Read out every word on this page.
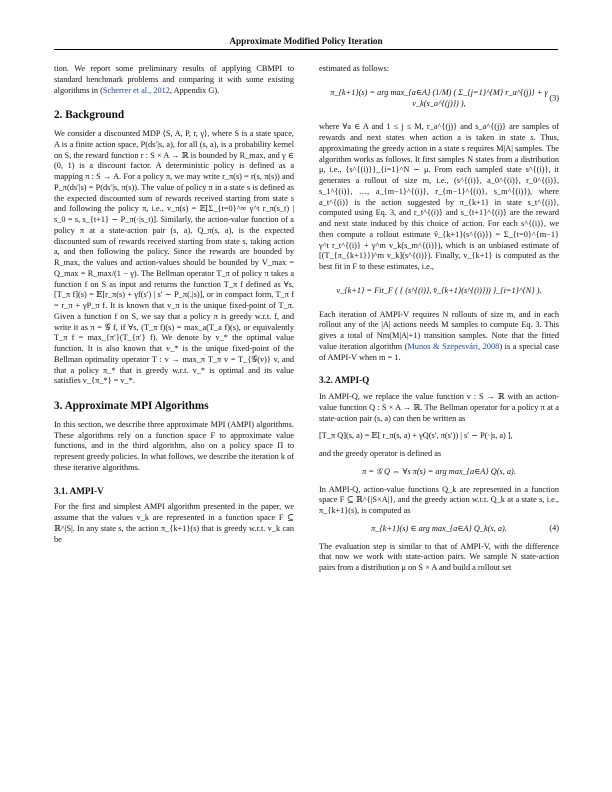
Approximate Modified Policy Iteration

tion. We report some preliminary results of applying CBMPI to standard benchmark problems and comparing it with some existing algorithms in (Scherrer et al., 2012, Appendix G).

2. Background

We consider a discounted MDP ⟨S, A, P, r, γ⟩, where S is a state space, A is a finite action space, P(ds′|s, a), for all (s, a), is a probability kernel on S, the reward function r : S × A → ℝ is bounded by R_max, and γ ∈ (0, 1) is a discount factor. A deterministic policy is defined as a mapping π : S → A. For a policy π, we may write r_π(s) = r(s, π(s)) and P_π(ds′|s) = P(ds′|s, π(s)). The value of policy π in a state s is defined as the expected discounted sum of rewards received starting from state s and following the policy π, i.e., v_π(s) = 𝔼[Σ_{t=0}^∞ γ^t r_π(s_t) | s_0 = s, s_{t+1} ∼ P_π(·|s_t)]. Similarly, the action-value function of a policy π at a state-action pair (s, a), Q_π(s, a), is the expected discounted sum of rewards received starting from state s, taking action a, and then following the policy. Since the rewards are bounded by R_max, the values and action-values should be bounded by V_max = Q_max = R_max/(1 − γ). The Bellman operator T_π of policy π takes a function f on S as input and returns the function T_π f defined as ∀s, [T_π f](s) = 𝔼[r_π(s) + γf(s′) | s′ ∼ P_π(.|s)], or in compact form, T_π f = r_π + γP_π f. It is known that v_π is the unique fixed-point of T_π. Given a function f on S, we say that a policy π is greedy w.r.t. f, and write it as π = 𝒢 f, if ∀s, (T_π f)(s) = max_a(T_a f)(s), or equivalently T_π f = max_{π′}(T_{π′} f). We denote by v_* the optimal value function. It is also known that v_* is the unique fixed-point of the Bellman optimality operator T : v → max_π T_π v = T_{𝒢(v)} v, and that a policy π_* that is greedy w.r.t. v_* is optimal and its value satisfies v_{π_*} = v_*.

3. Approximate MPI Algorithms

In this section, we describe three approximate MPI (AMPI) algorithms. These algorithms rely on a function space F to approximate value functions, and in the third algorithm, also on a policy space Π to represent greedy policies. In what follows, we describe the iteration k of these iterative algorithms.

3.1. AMPI-V

For the first and simplest AMPI algorithm presented in the paper, we assume that the values v_k are represented in a function space F ⊆ ℝ^|S|. In any state s, the action π_{k+1}(s) that is greedy w.r.t. v_k can be

estimated as follows:

π_{k+1}(s) = arg max_{a∈A} (1/M) ( Σ_{j=1}^{M} r_a^{(j)} + γ v_k(s_a^{(j)}) ),
(3)

where ∀a ∈ A and 1 ≤ j ≤ M, r_a^{(j)} and s_a^{(j)} are samples of rewards and next states when action a is taken in state s. Thus, approximating the greedy action in a state s requires M|A| samples. The algorithm works as follows. It first samples N states from a distribution μ, i.e., {s^{(i)}}_{i=1}^N ∼ μ. From each sampled state s^{(i)}, it generates a rollout of size m, i.e., (s^{(i)}, a_0^{(i)}, r_0^{(i)}, s_1^{(i)}, …, a_{m−1}^{(i)}, r_{m−1}^{(i)}, s_m^{(i)}), where a_t^{(i)} is the action suggested by π_{k+1} in state s_t^{(i)}, computed using Eq. 3, and r_t^{(i)} and s_{t+1}^{(i)} are the reward and next state induced by this choice of action. For each s^{(i)}, we then compute a rollout estimate v̂_{k+1}(s^{(i)}) = Σ_{t=0}^{m−1} γ^t r_t^{(i)} + γ^m v_k(s_m^{(i)}), which is an unbiased estimate of [(T_{π_{k+1}})^m v_k](s^{(i)}). Finally, v_{k+1} is computed as the best fit in F to these estimates, i.e.,

v_{k+1} = Fit_F ( { (s^{(i)}, v̂_{k+1}(s^{(i)})) }_{i=1}^{N} ).

Each iteration of AMPI-V requires N rollouts of size m, and in each rollout any of the |A| actions needs M samples to compute Eq. 3. This gives a total of Nm(M|A|+1) transition samples. Note that the fitted value iteration algorithm (Munos & Szepesvári, 2008) is a special case of AMPI-V when m = 1.

3.2. AMPI-Q

In AMPI-Q, we replace the value function v : S → ℝ with an action-value function Q : S × A → ℝ. The Bellman operator for a policy π at a state-action pair (s, a) can then be written as

[T_π Q](s, a) = 𝔼[ r_π(s, a) + γQ(s′, π(s′)) | s′ ∼ P(·|s, a) ],

and the greedy operator is defined as

π = 𝒢 Q ⇔ ∀s π(s) = arg max_{a∈A} Q(s, a).

In AMPI-Q, action-value functions Q_k are represented in a function space F ⊆ ℝ^{|S×A|}, and the greedy action w.r.t. Q_k at a state s, i.e., π_{k+1}(s), is computed as

π_{k+1}(s) ∈ arg max_{a∈A} Q_k(s, a).	(4)

The evaluation step is similar to that of AMPI-V, with the difference that now we work with state-action pairs. We sample N state-action pairs from a distribution μ on S × A and build a rollout set
